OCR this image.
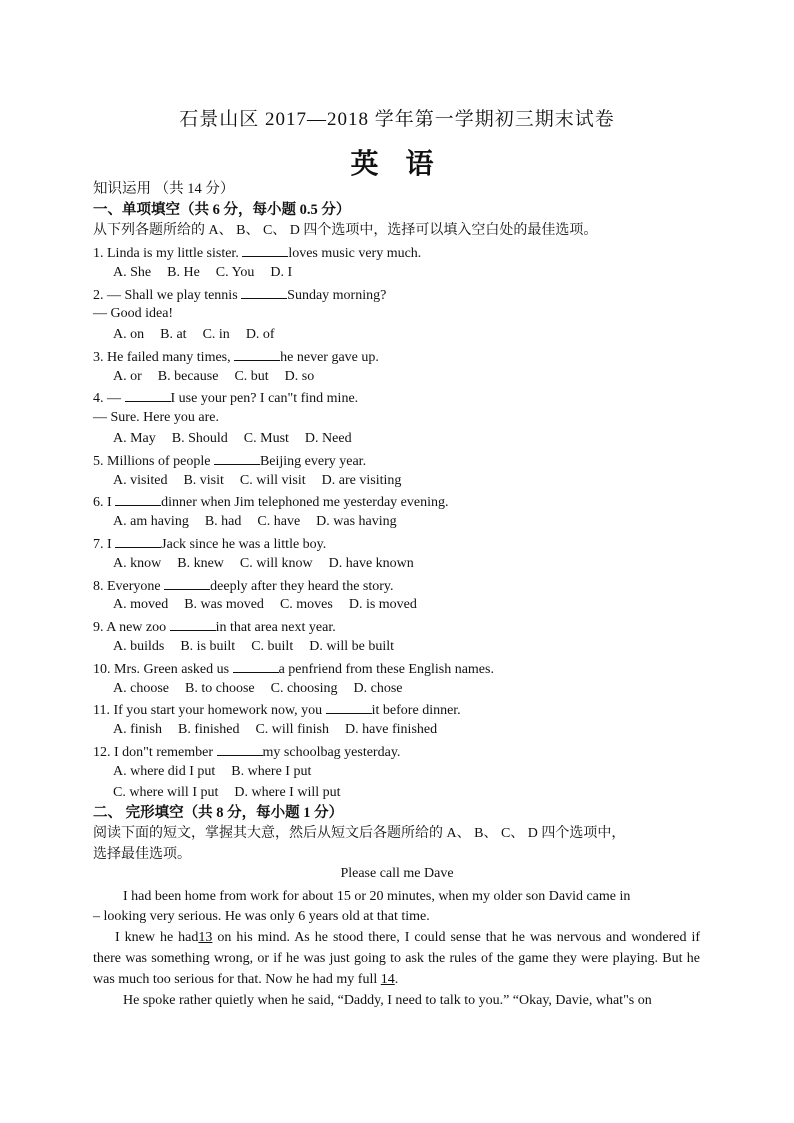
石景山区 2017—2018 学年第一学期初三期末试卷
英 语
知识运用 （共 14 分）
一、单项填空（共 6 分，每小题 0.5 分）
从下列各题所给的 A、 B、 C、 D 四个选项中，选择可以填入空白处的最佳选项。
1. Linda is my little sister.	loves music very much.
A. She B. He C. You D. I
2. — Shall we play tennis	Sunday morning?
— Good idea!
A. on B. at C. in D. of
3. He failed many times,	he never gave up.
A. or B. because C. but D. so
4. —	I use your pen? I can"t find mine.
— Sure. Here you are.
A. May B. Should C. Must D. Need
5. Millions of people	Beijing every year.
A. visited B. visit C. will visit D. are visiting
6. I	dinner when Jim telephoned me yesterday evening.
A. am having B. had C. have D. was having
7. I	Jack since he was a little boy.
A. know B. knew C. will know D. have known
8. Everyone	deeply after they heard the story.
A. moved B. was moved C. moves D. is moved
9. A new zoo	in that area next year.
A. builds B. is built C. built D. will be built
10. Mrs. Green asked us	a penfriend from these English names.
A. choose B. to choose C. choosing D. chose
11. If you start your homework now, you	it before dinner.
A. finish B. finished C. will finish D. have finished
12. I don"t remember	my schoolbag yesterday.
A. where did I put B. where I put
C. where will I put D. where I will put
二、 完形填空（共 8 分，每小题 1 分）
阅读下面的短文，掌握其大意，然后从短文后各题所给的 A、 B、 C、 D 四个选项中，
选择最佳选项。
Please call me Dave
I had been home from work for about 15 or 20 minutes, when my older son David came in
– looking very serious. He was only 6 years old at that time.
I knew he had13 on his mind. As he stood there, I could sense that he was nervous and wondered if there was something wrong, or if he was just going to ask the rules of the game they were playing. But he was much too serious for that. Now he had my full 14.
He spoke rather quietly when he said, “Daddy, I need to talk to you.” “Okay, Davie, what"s on
